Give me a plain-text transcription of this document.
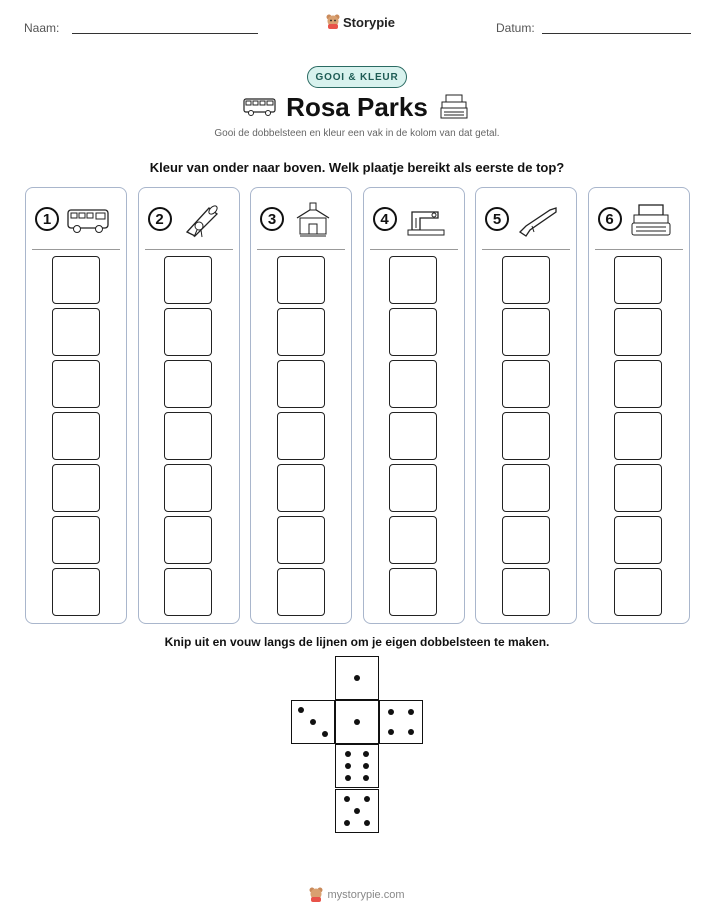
Naam:	Storypie	Datum:
GOOI & KLEUR
Rosa Parks
Gooi de dobbelsteen en kleur een vak in de kolom van dat getal.
Kleur van onder naar boven. Welk plaatje bereikt als eerste de top?
1	2	3	4	5	6
Knip uit en vouw langs de lijnen om je eigen dobbelsteen te maken.
mystorypie.com
